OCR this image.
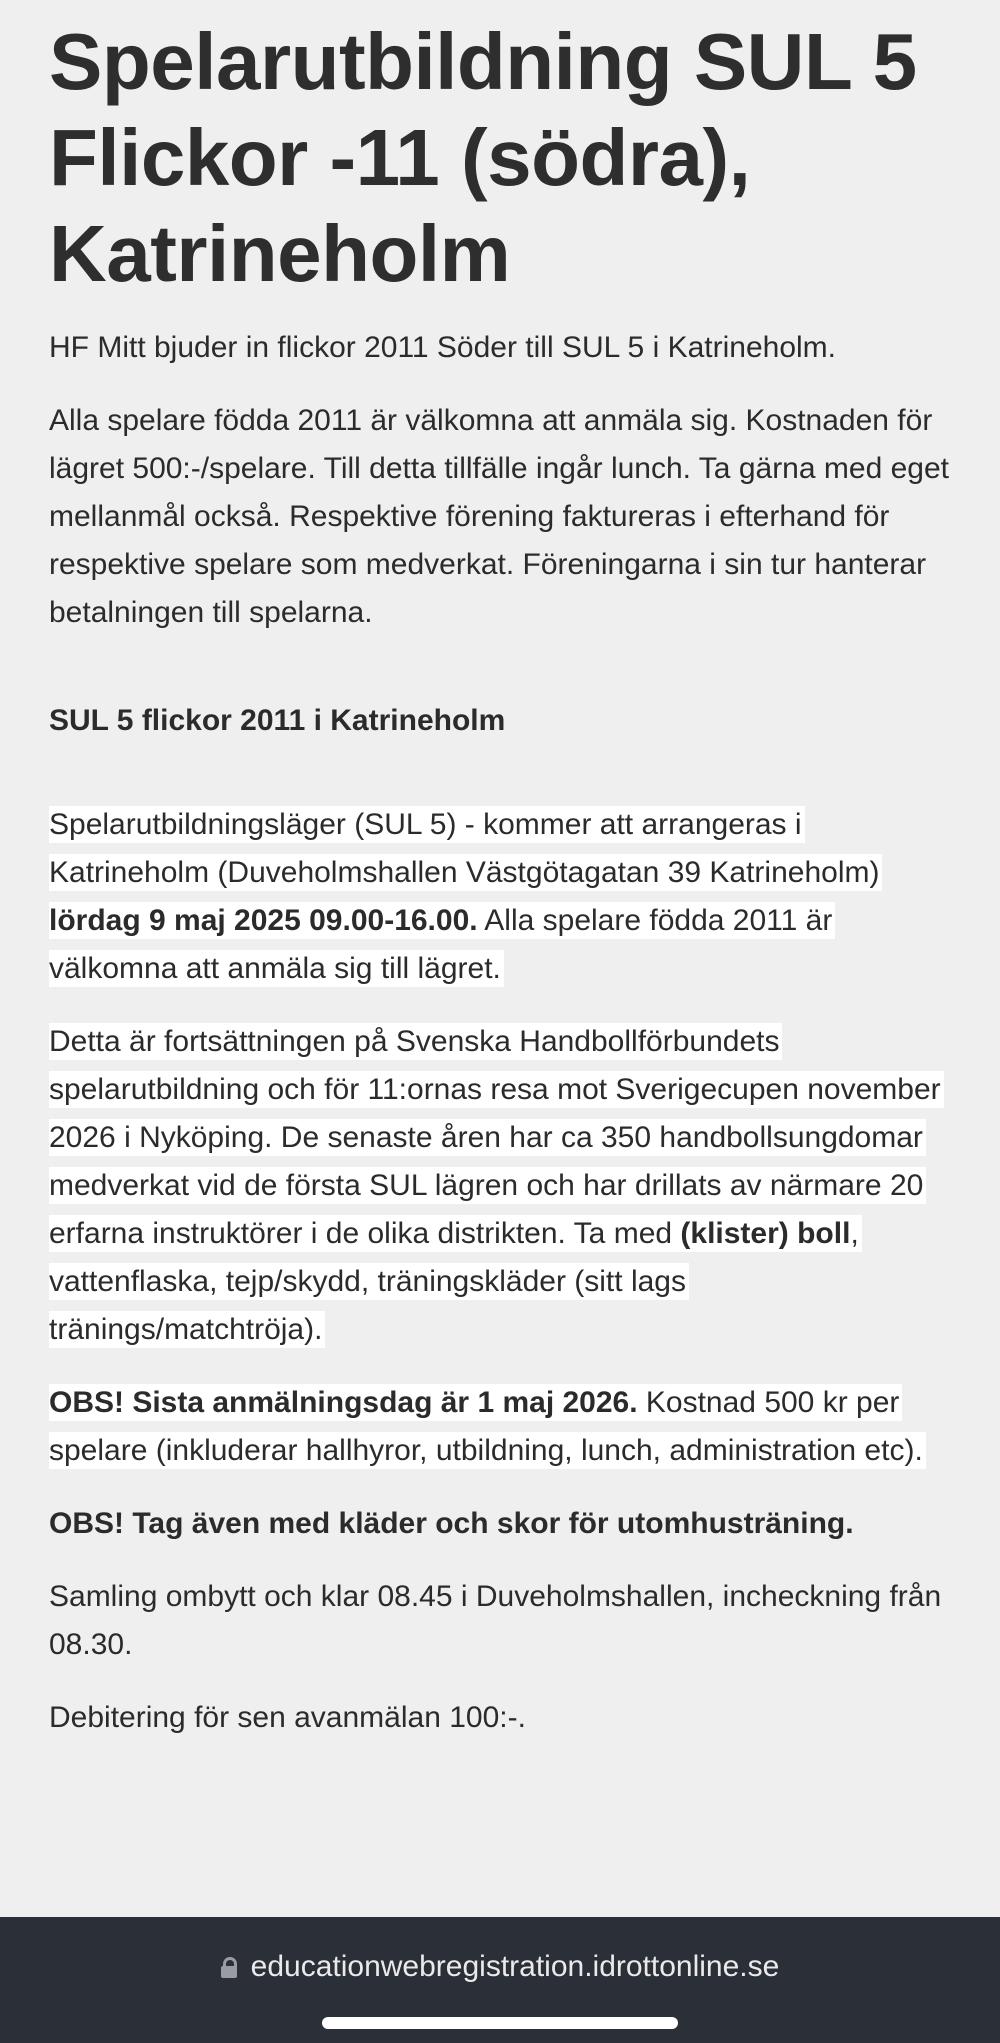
Spelarutbildning SUL 5 Flickor -11 (södra), Katrineholm

HF Mitt bjuder in flickor 2011 Söder till SUL 5 i Katrineholm.

Alla spelare födda 2011 är välkomna att anmäla sig. Kostnaden för lägret 500:-/spelare. Till detta tillfälle ingår lunch. Ta gärna med eget mellanmål också. Respektive förening faktureras i efterhand för respektive spelare som medverkat. Föreningarna i sin tur hanterar betalningen till spelarna.

SUL 5 flickor 2011 i Katrineholm

Spelarutbildningsläger (SUL 5) - kommer att arrangeras i Katrineholm (Duveholmshallen Västgötagatan 39 Katrineholm) lördag 9 maj 2025 09.00-16.00. Alla spelare födda 2011 är välkomna att anmäla sig till lägret.

Detta är fortsättningen på Svenska Handbollförbundets spelarutbildning och för 11:ornas resa mot Sverigecupen november 2026 i Nyköping. De senaste åren har ca 350 handbollsungdomar medverkat vid de första SUL lägren och har drillats av närmare 20 erfarna instruktörer i de olika distrikten. Ta med (klister) boll, vattenflaska, tejp/skydd, träningskläder (sitt lags tränings/matchtröja).

OBS! Sista anmälningsdag är 1 maj 2026. Kostnad 500 kr per spelare (inkluderar hallhyror, utbildning, lunch, administration etc).

OBS! Tag även med kläder och skor för utomhusträning.

Samling ombytt och klar 08.45 i Duveholmshallen, incheckning från 08.30.

Debitering för sen avanmälan 100:-.

educationwebregistration.idrottonline.se
